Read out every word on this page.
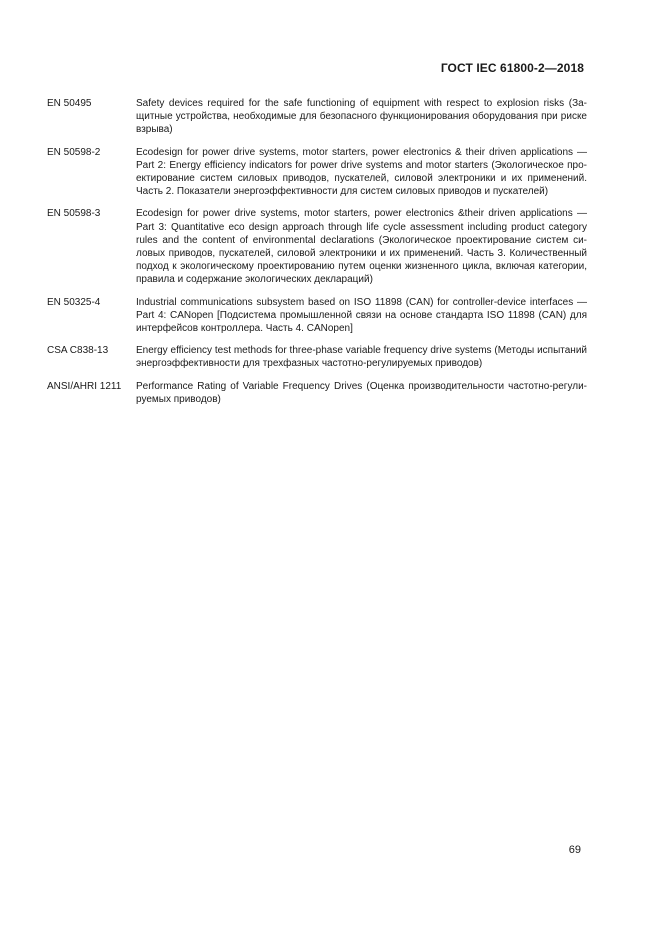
ГОСТ IEC 61800-2—2018
EN 50495	Safety devices required for the safe functioning of equipment with respect to explosion risks (За-щитные устройства, необходимые для безопасного функционирования оборудования при риске взрыва)
EN 50598-2	Ecodesign for power drive systems, motor starters, power electronics & their driven applications — Part 2: Energy efficiency indicators for power drive systems and motor starters (Экологическое про-ектирование систем силовых приводов, пускателей, силовой электроники и их применений. Часть 2. Показатели энергоэффективности для систем силовых приводов и пускателей)
EN 50598-3	Ecodesign for power drive systems, motor starters, power electronics &their driven applications — Part 3: Quantitative eco design approach through life cycle assessment including product category rules and the content of environmental declarations (Экологическое проектирование систем си-ловых приводов, пускателей, силовой электроники и их применений. Часть 3. Количественный подход к экологическому проектированию путем оценки жизненного цикла, включая категории, правила и содержание экологических деклараций)
EN 50325-4	Industrial communications subsystem based on ISO 11898 (CAN) for controller-device interfaces — Part 4: CANopen [Подсистема промышленной связи на основе стандарта ISO 11898 (CAN) для интерфейсов контроллера. Часть 4. CANopen]
CSA C838-13	Energy efficiency test methods for three-phase variable frequency drive systems (Методы испытаний энергоэффективности для трехфазных частотно-регулируемых приводов)
ANSI/AHRI 1211	Performance Rating of Variable Frequency Drives (Оценка производительности частотно-регули-руемых приводов)
69
